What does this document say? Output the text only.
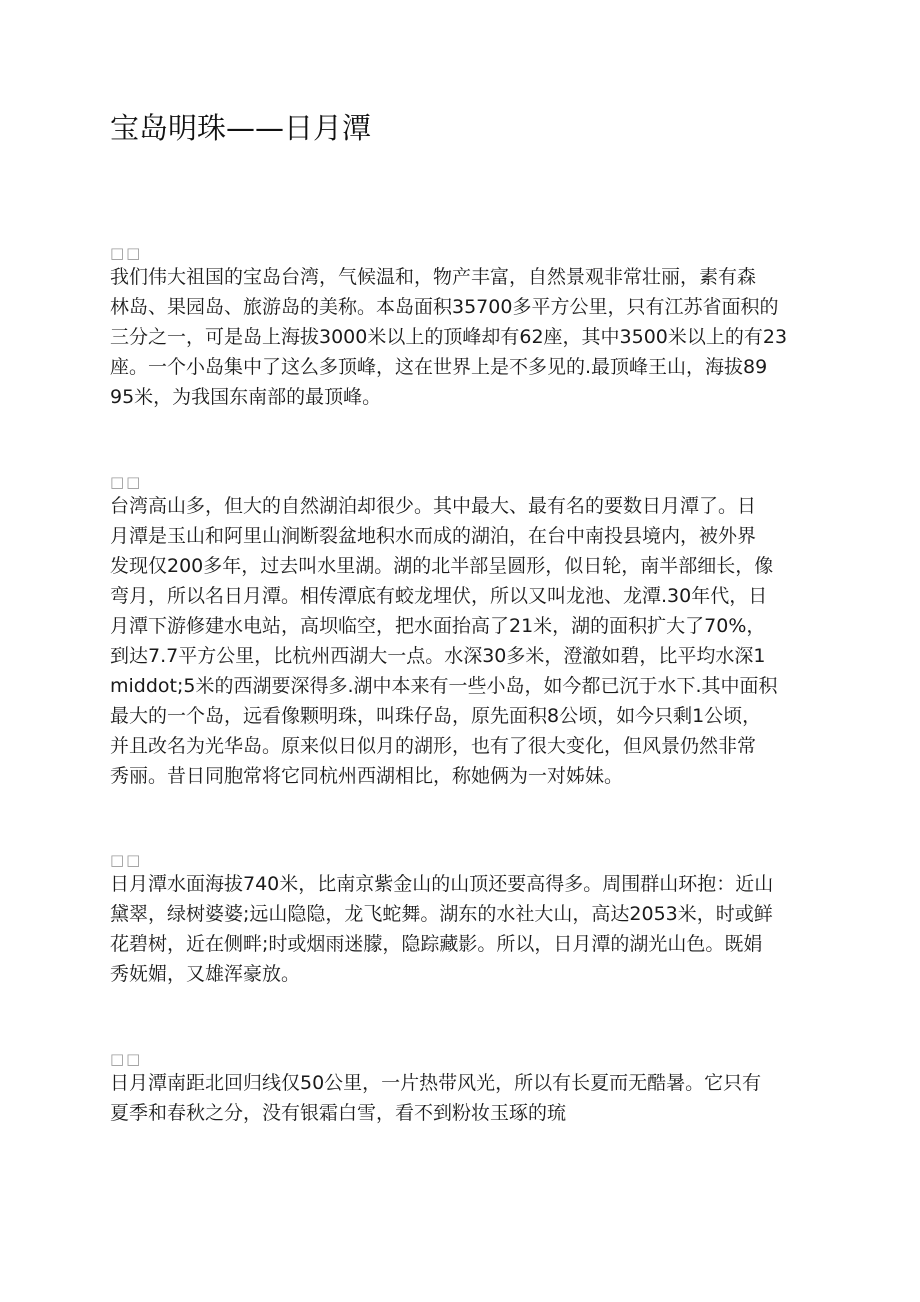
宝岛明珠——日月潭
□□

我们伟大祖国的宝岛台湾，气候温和，物产丰富，自然景观非常壮丽，素有森
林岛、果园岛、旅游岛的美称。本岛面积35700多平方公里，只有江苏省面积的
三分之一，可是岛上海拔3000米以上的顶峰却有62座，其中3500米以上的有23
座。一个小岛集中了这么多顶峰，这在世界上是不多见的.最顶峰王山，海拔89
95米，为我国东南部的最顶峰。

□□

台湾高山多，但大的自然湖泊却很少。其中最大、最有名的要数日月潭了。日
月潭是玉山和阿里山涧断裂盆地积水而成的湖泊，在台中南投县境内，被外界
发现仅200多年，过去叫水里湖。湖的北半部呈圆形，似日轮，南半部细长，像
弯月，所以名日月潭。相传潭底有蛟龙埋伏，所以又叫龙池、龙潭.30年代，日
月潭下游修建水电站，高坝临空，把水面抬高了21米，湖的面积扩大了70%，
到达7.7平方公里，比杭州西湖大一点。水深30多米，澄澈如碧，比平均水深1
middot;5米的西湖要深得多.湖中本来有一些小岛，如今都已沉于水下.其中面积
最大的一个岛，远看像颗明珠，叫珠仔岛，原先面积8公顷，如今只剩1公顷，
并且改名为光华岛。原来似日似月的湖形，也有了很大变化，但风景仍然非常
秀丽。昔日同胞常将它同杭州西湖相比，称她俩为一对姊妹。

□□

日月潭水面海拔740米，比南京紫金山的山顶还要高得多。周围群山环抱：近山
黛翠，绿树婆婆;远山隐隐，龙飞蛇舞。湖东的水社大山，高达2053米，时或鲜
花碧树，近在侧畔;时或烟雨迷朦，隐踪藏影。所以，日月潭的湖光山色。既娟
秀妩媚，又雄浑豪放。

□□

日月潭南距北回归线仅50公里，一片热带风光，所以有长夏而无酷暑。它只有
夏季和春秋之分，没有银霜白雪，看不到粉妆玉琢的琉
